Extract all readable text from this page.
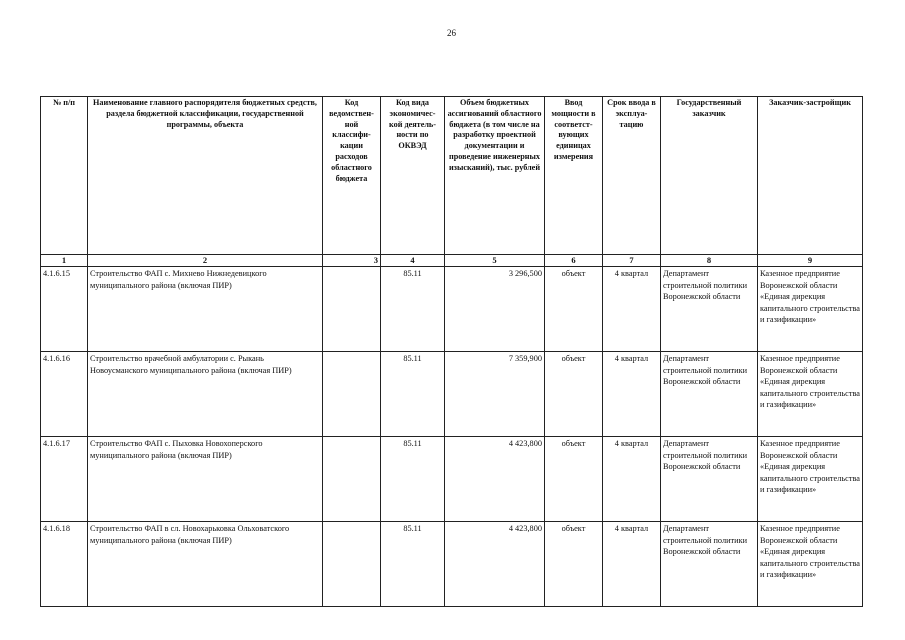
26
№ п/п	Наименование главного распорядителя бюджетных средств, раздела бюджетной классификации, государственной программы, объекта	Код ведомствен-ной классифи-кации расходов областного бюджета	Код вида экономичес-кой деятель-ности по ОКВЭД	Объем бюджетных ассигнований областного бюджета (в том числе на разработку проектной документации и проведение инженерных изысканий), тыс. рублей	Ввод мощности в соответст-вующих единицах измерения	Срок ввода в эксплуа-тацию	Государственный заказчик	Заказчик-застройщик
1	2	3	4	5	6	7	8	9
4.1.6.15	Строительство ФАП с. Михнево Нижнедевицкого муниципального района (включая ПИР)		85.11	3 296,500	объект	4 квартал	Департамент строительной политики Воронежской области	Казенное предприятие Воронежской области «Единая дирекция капитального строительства и газификации»
4.1.6.16	Строительство врачебной амбулатории с. Рыкань Новоусманского муниципального района (включая ПИР)		85.11	7 359,900	объект	4 квартал	Департамент строительной политики Воронежской области	Казенное предприятие Воронежской области «Единая дирекция капитального строительства и газификации»
4.1.6.17	Строительство ФАП с. Пыховка Новохоперского муниципального района (включая ПИР)		85.11	4 423,800	объект	4 квартал	Департамент строительной политики Воронежской области	Казенное предприятие Воронежской области «Единая дирекция капитального строительства и газификации»
4.1.6.18	Строительство ФАП в сл. Новохарьковка Ольховатского муниципального района (включая ПИР)		85.11	4 423,800	объект	4 квартал	Департамент строительной политики Воронежской области	Казенное предприятие Воронежской области «Единая дирекция капитального строительства и газификации»
